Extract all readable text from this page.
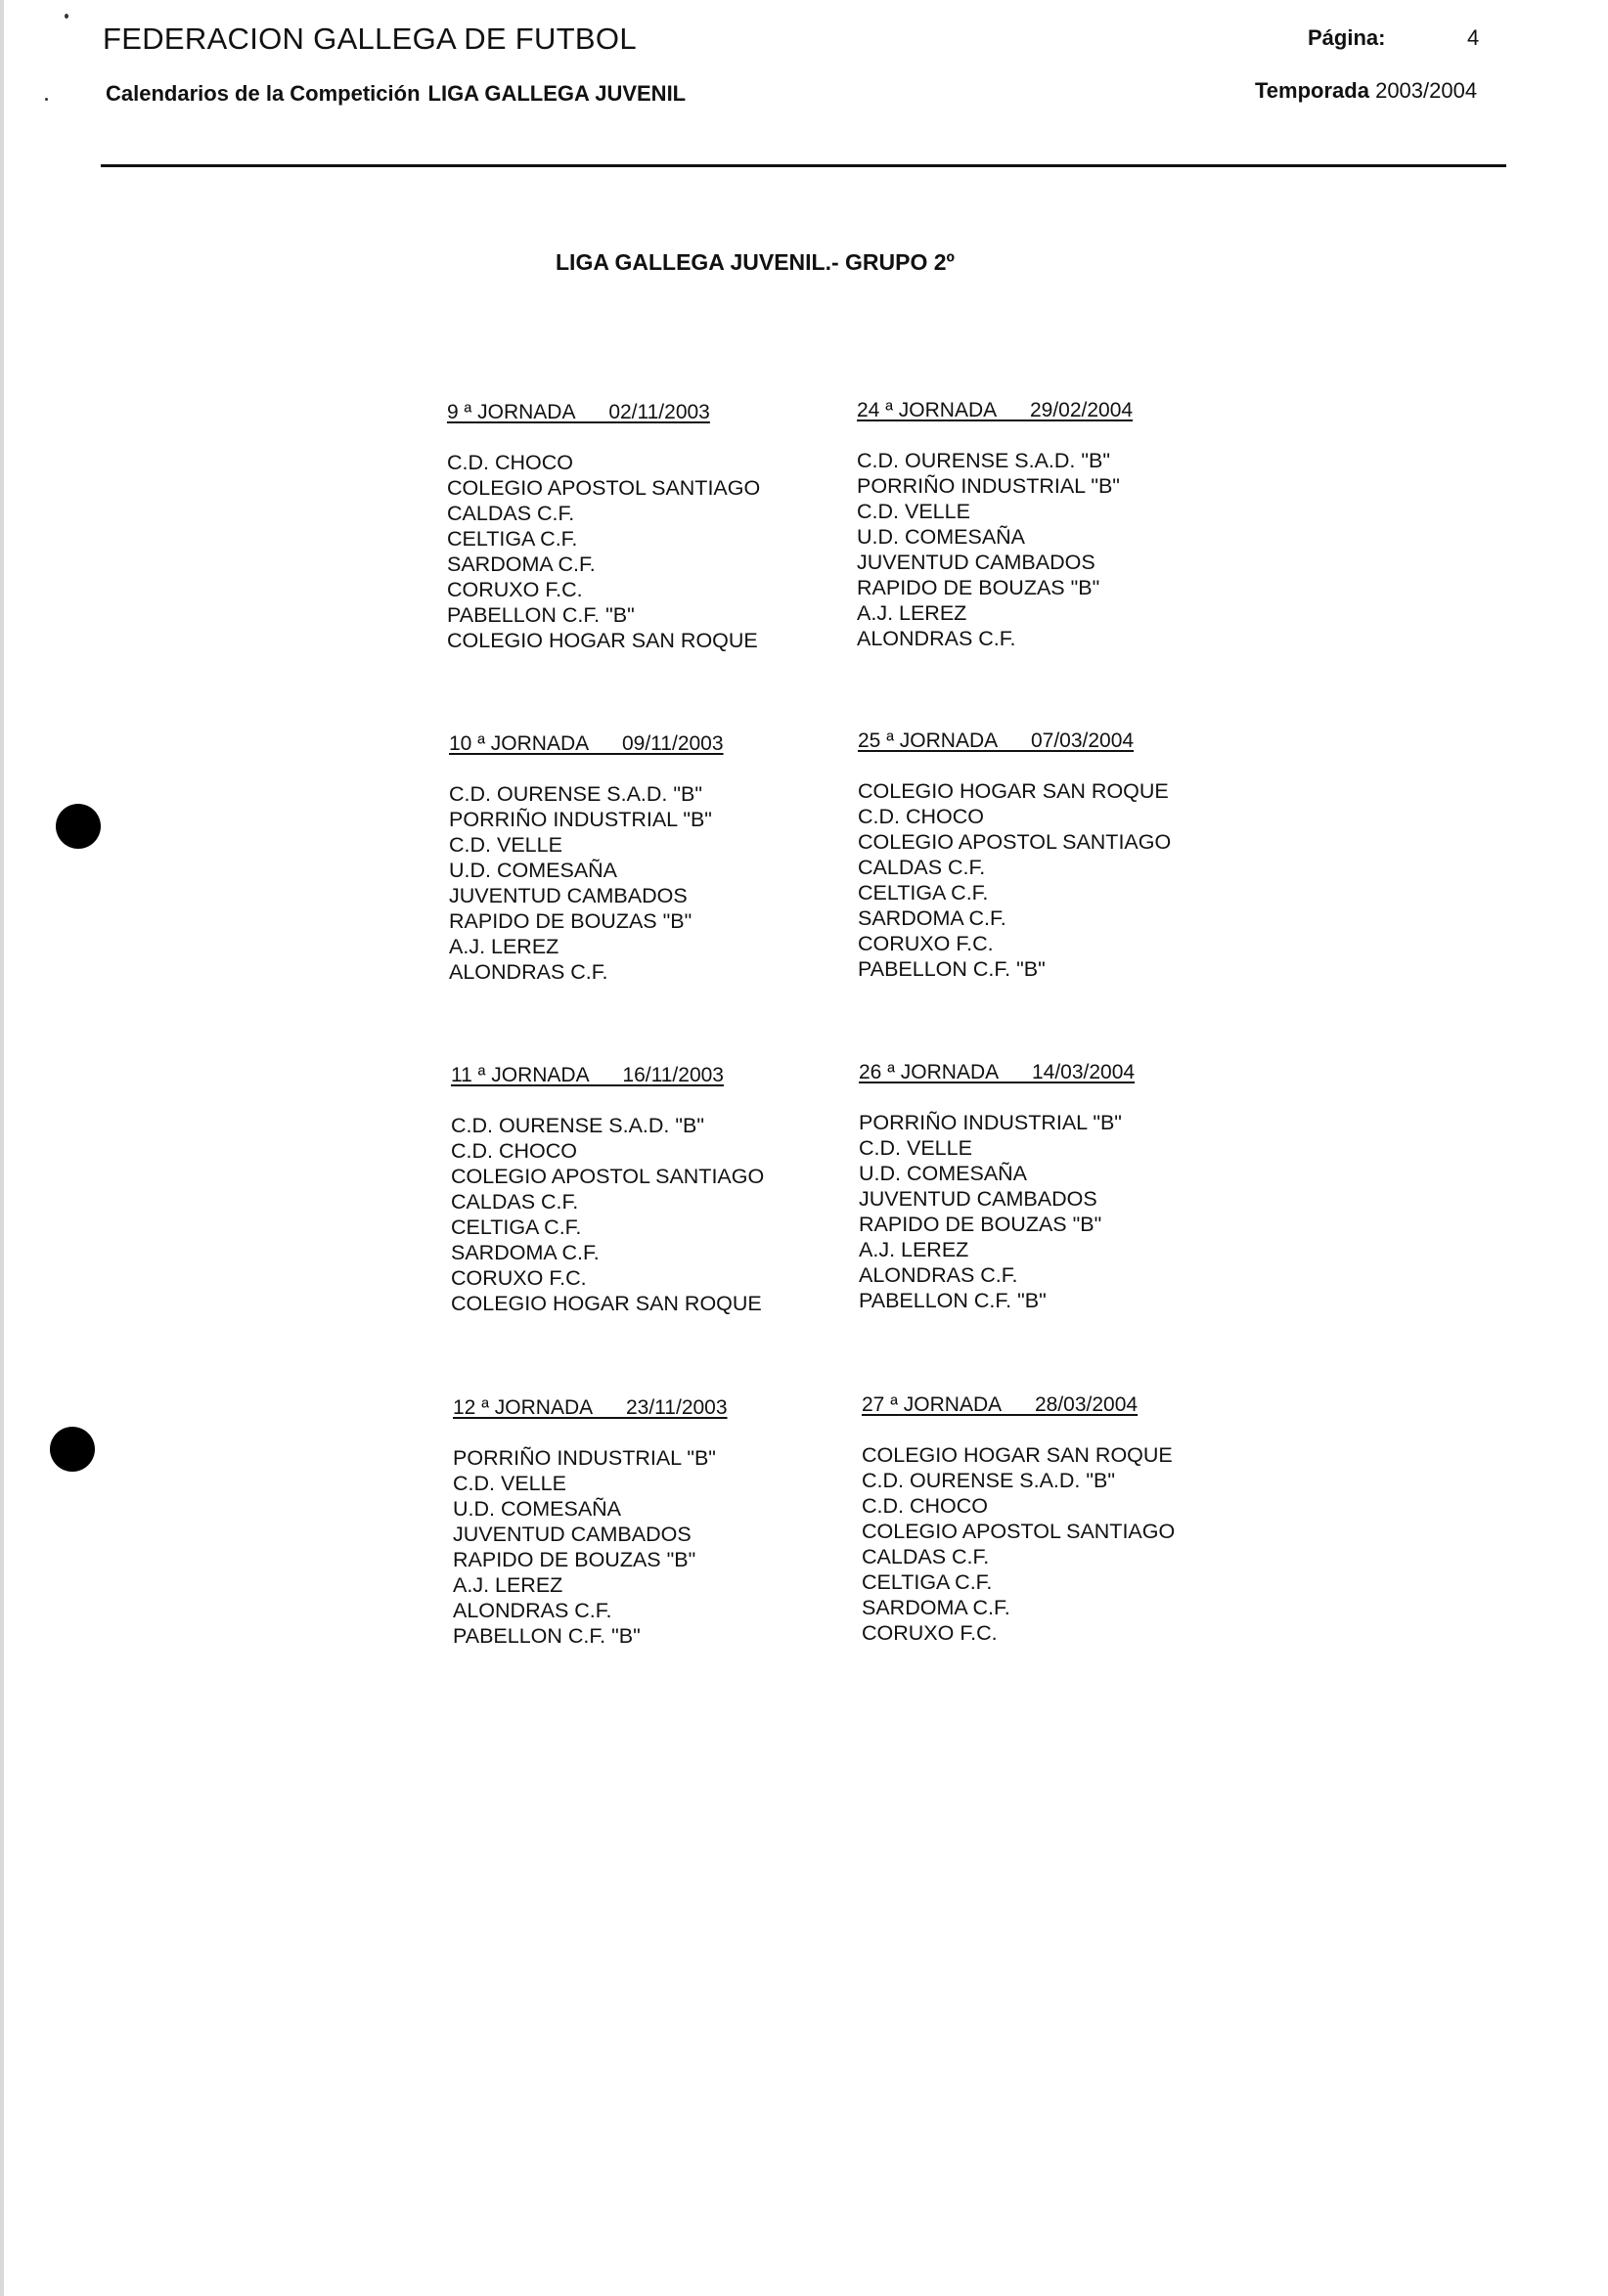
FEDERACION GALLEGA DE FUTBOL	Página:	4
Calendarios de la Competición LIGA GALLEGA JUVENIL	Temporada 2003/2004
LIGA GALLEGA JUVENIL.- GRUPO 2º
9 ª JORNADA      02/11/2003
C.D. CHOCO
COLEGIO APOSTOL SANTIAGO
CALDAS C.F.
CELTIGA C.F.
SARDOMA C.F.
CORUXO F.C.
PABELLON C.F. "B"
COLEGIO HOGAR SAN ROQUE
24 ª JORNADA      29/02/2004
C.D. OURENSE S.A.D. "B"
PORRIÑO INDUSTRIAL "B"
C.D. VELLE
U.D. COMESAÑA
JUVENTUD CAMBADOS
RAPIDO DE BOUZAS "B"
A.J. LEREZ
ALONDRAS C.F.
10 ª JORNADA      09/11/2003
C.D. OURENSE S.A.D. "B"
PORRIÑO INDUSTRIAL "B"
C.D. VELLE
U.D. COMESAÑA
JUVENTUD CAMBADOS
RAPIDO DE BOUZAS "B"
A.J. LEREZ
ALONDRAS C.F.
25 ª JORNADA      07/03/2004
COLEGIO HOGAR SAN ROQUE
C.D. CHOCO
COLEGIO APOSTOL SANTIAGO
CALDAS C.F.
CELTIGA C.F.
SARDOMA C.F.
CORUXO F.C.
PABELLON C.F. "B"
11 ª JORNADA      16/11/2003
C.D. OURENSE S.A.D. "B"
C.D. CHOCO
COLEGIO APOSTOL SANTIAGO
CALDAS C.F.
CELTIGA C.F.
SARDOMA C.F.
CORUXO F.C.
COLEGIO HOGAR SAN ROQUE
26 ª JORNADA      14/03/2004
PORRIÑO INDUSTRIAL "B"
C.D. VELLE
U.D. COMESAÑA
JUVENTUD CAMBADOS
RAPIDO DE BOUZAS "B"
A.J. LEREZ
ALONDRAS C.F.
PABELLON C.F. "B"
12 ª JORNADA      23/11/2003
PORRIÑO INDUSTRIAL "B"
C.D. VELLE
U.D. COMESAÑA
JUVENTUD CAMBADOS
RAPIDO DE BOUZAS "B"
A.J. LEREZ
ALONDRAS C.F.
PABELLON C.F. "B"
27 ª JORNADA      28/03/2004
COLEGIO HOGAR SAN ROQUE
C.D. OURENSE S.A.D. "B"
C.D. CHOCO
COLEGIO APOSTOL SANTIAGO
CALDAS C.F.
CELTIGA C.F.
SARDOMA C.F.
CORUXO F.C.
